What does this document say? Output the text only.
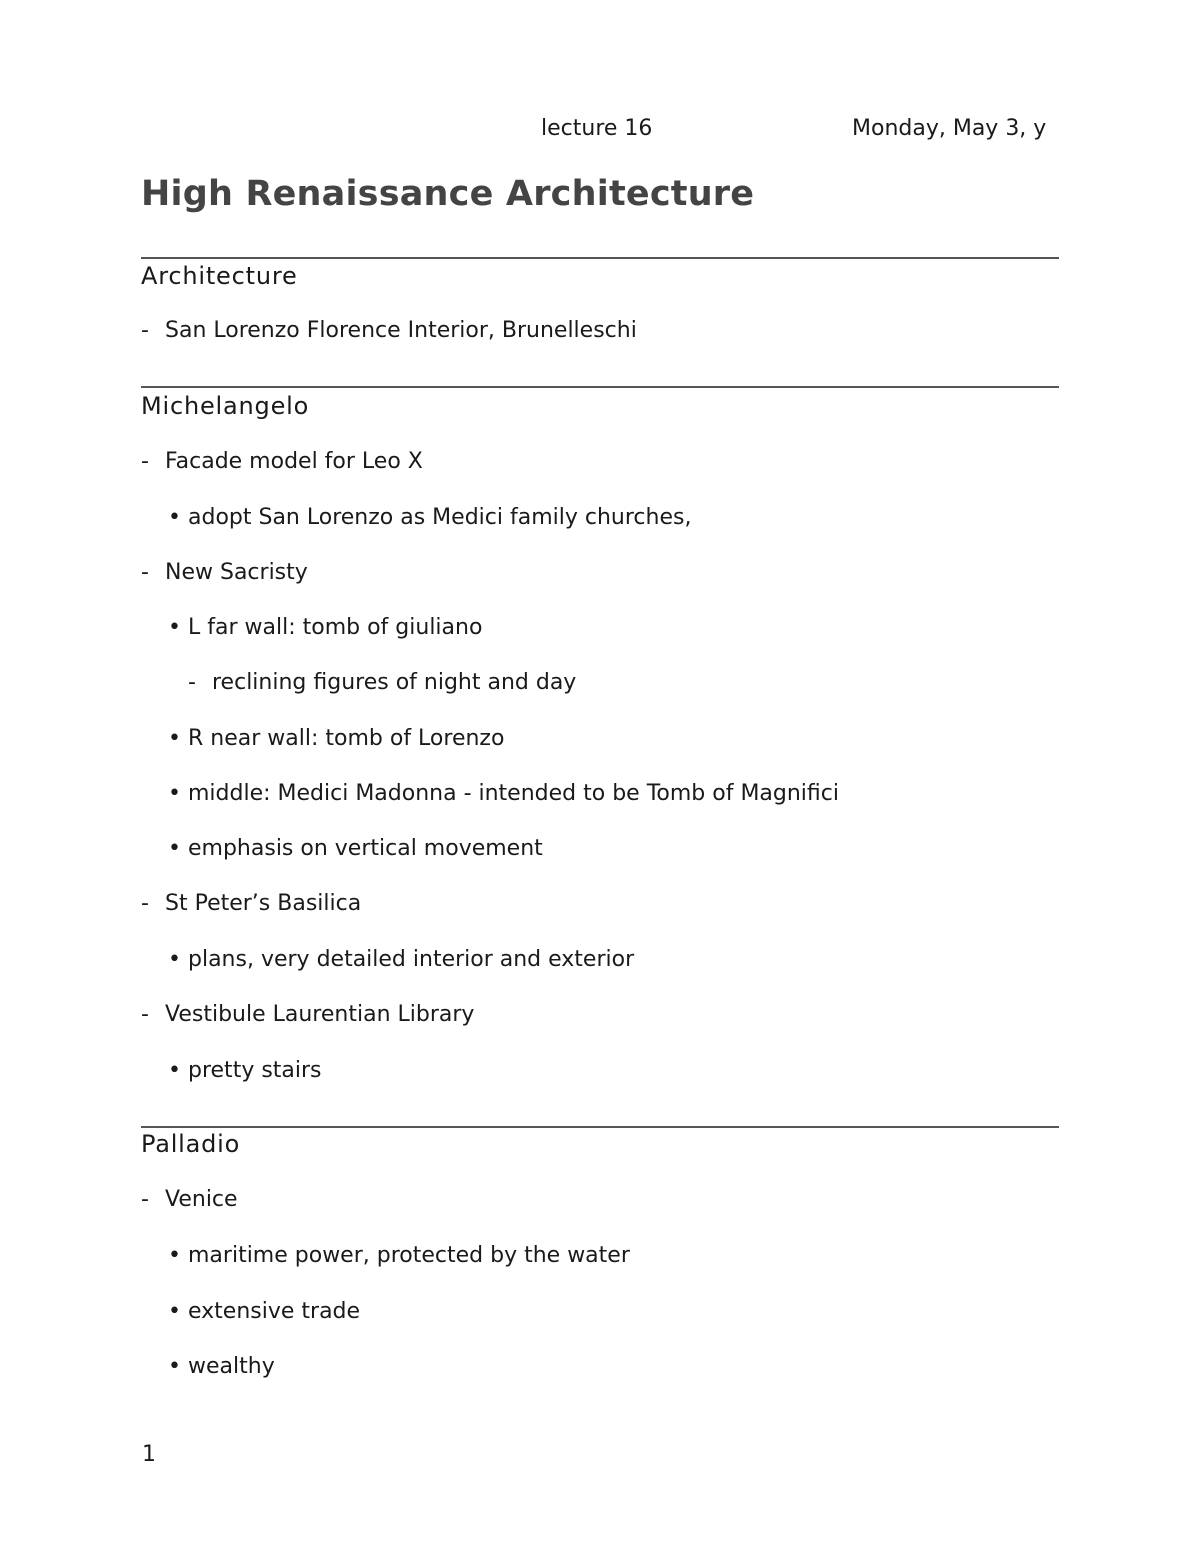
lecture 16	Monday, May 3, y
High Renaissance Architecture
Architecture
- San Lorenzo Florence Interior, Brunelleschi
Michelangelo
- Facade model for Leo X
• adopt San Lorenzo as Medici family churches,
- New Sacristy
• L far wall: tomb of giuliano
- reclining figures of night and day
• R near wall: tomb of Lorenzo
• middle: Medici Madonna - intended to be Tomb of Magnifici
• emphasis on vertical movement
- St Peter’s Basilica
• plans, very detailed interior and exterior
- Vestibule Laurentian Library
• pretty stairs
Palladio
- Venice
• maritime power, protected by the water
• extensive trade
• wealthy
1
